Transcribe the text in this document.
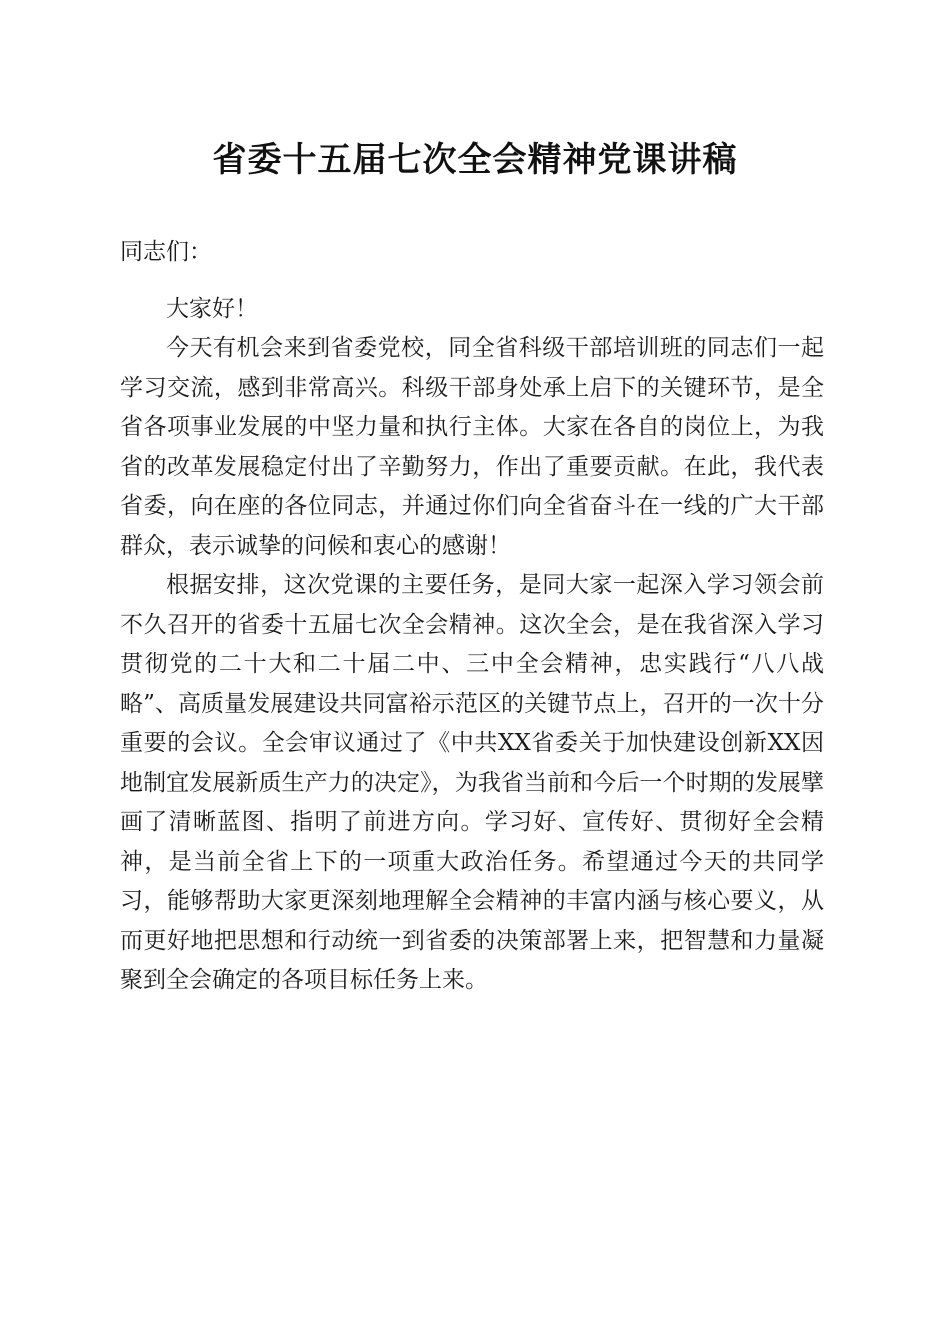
省委十五届七次全会精神党课讲稿

同志们：

大家好！

今天有机会来到省委党校，同全省科级干部培训班的同志们一起学习交流，感到非常高兴。科级干部身处承上启下的关键环节，是全省各项事业发展的中坚力量和执行主体。大家在各自的岗位上，为我省的改革发展稳定付出了辛勤努力，作出了重要贡献。在此，我代表省委，向在座的各位同志，并通过你们向全省奋斗在一线的广大干部群众，表示诚挚的问候和衷心的感谢！

根据安排，这次党课的主要任务，是同大家一起深入学习领会前不久召开的省委十五届七次全会精神。这次全会，是在我省深入学习贯彻党的二十大和二十届二中、三中全会精神，忠实践行“八八战略”、高质量发展建设共同富裕示范区的关键节点上，召开的一次十分重要的会议。全会审议通过了《中共XX省委关于加快建设创新XX因地制宜发展新质生产力的决定》，为我省当前和今后一个时期的发展擘画了清晰蓝图、指明了前进方向。学习好、宣传好、贯彻好全会精神，是当前全省上下的一项重大政治任务。希望通过今天的共同学习，能够帮助大家更深刻地理解全会精神的丰富内涵与核心要义，从而更好地把思想和行动统一到省委的决策部署上来，把智慧和力量凝聚到全会确定的各项目标任务上来。
